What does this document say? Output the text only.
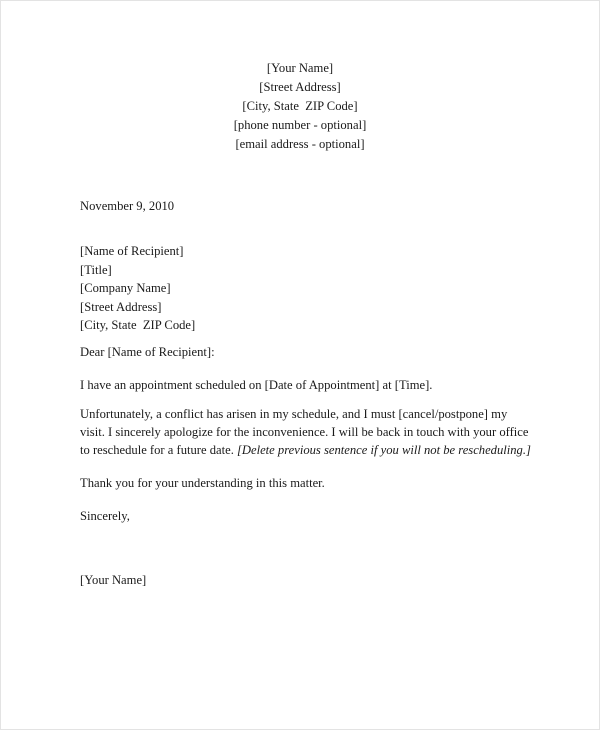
[Your Name]
[Street Address]
[City, State  ZIP Code]
[phone number - optional]
[email address - optional]
November 9, 2010
[Name of Recipient]
[Title]
[Company Name]
[Street Address]
[City, State  ZIP Code]
Dear [Name of Recipient]:
I have an appointment scheduled on [Date of Appointment] at [Time].
Unfortunately, a conflict has arisen in my schedule, and I must [cancel/postpone] my
visit. I sincerely apologize for the inconvenience. I will be back in touch with your office
to reschedule for a future date. [Delete previous sentence if you will not be rescheduling.]
Thank you for your understanding in this matter.
Sincerely,
[Your Name]
